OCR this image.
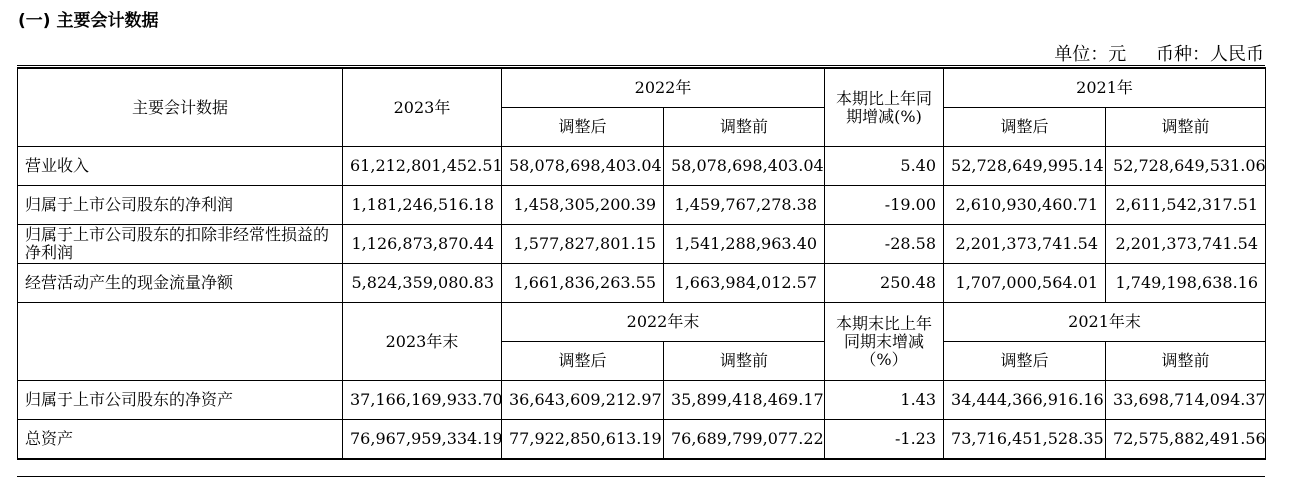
(一) 主要会计数据
单位：元 币种：人民币
主要会计数据	2023年	2022年		本期比上年同期增减(%)	2021年	
		调整后	调整前		调整后	调整前
营业收入	61,212,801,452.51	58,078,698,403.04	58,078,698,403.04	5.40	52,728,649,995.14	52,728,649,531.06
归属于上市公司股东的净利润	1,181,246,516.18	1,458,305,200.39	1,459,767,278.38	-19.00	2,610,930,460.71	2,611,542,317.51
归属于上市公司股东的扣除非经常性损益的净利润	1,126,873,870.44	1,577,827,801.15	1,541,288,963.40	-28.58	2,201,373,741.54	2,201,373,741.54
经营活动产生的现金流量净额	5,824,359,080.83	1,661,836,263.55	1,663,984,012.57	250.48	1,707,000,564.01	1,749,198,638.16
	2023年末	2022年末		本期末比上年同期末增减（%）	2021年末	
		调整后	调整前		调整后	调整前
归属于上市公司股东的净资产	37,166,169,933.70	36,643,609,212.97	35,899,418,469.17	1.43	34,444,366,916.16	33,698,714,094.37
总资产	76,967,959,334.19	77,922,850,613.19	76,689,799,077.22	-1.23	73,716,451,528.35	72,575,882,491.56
